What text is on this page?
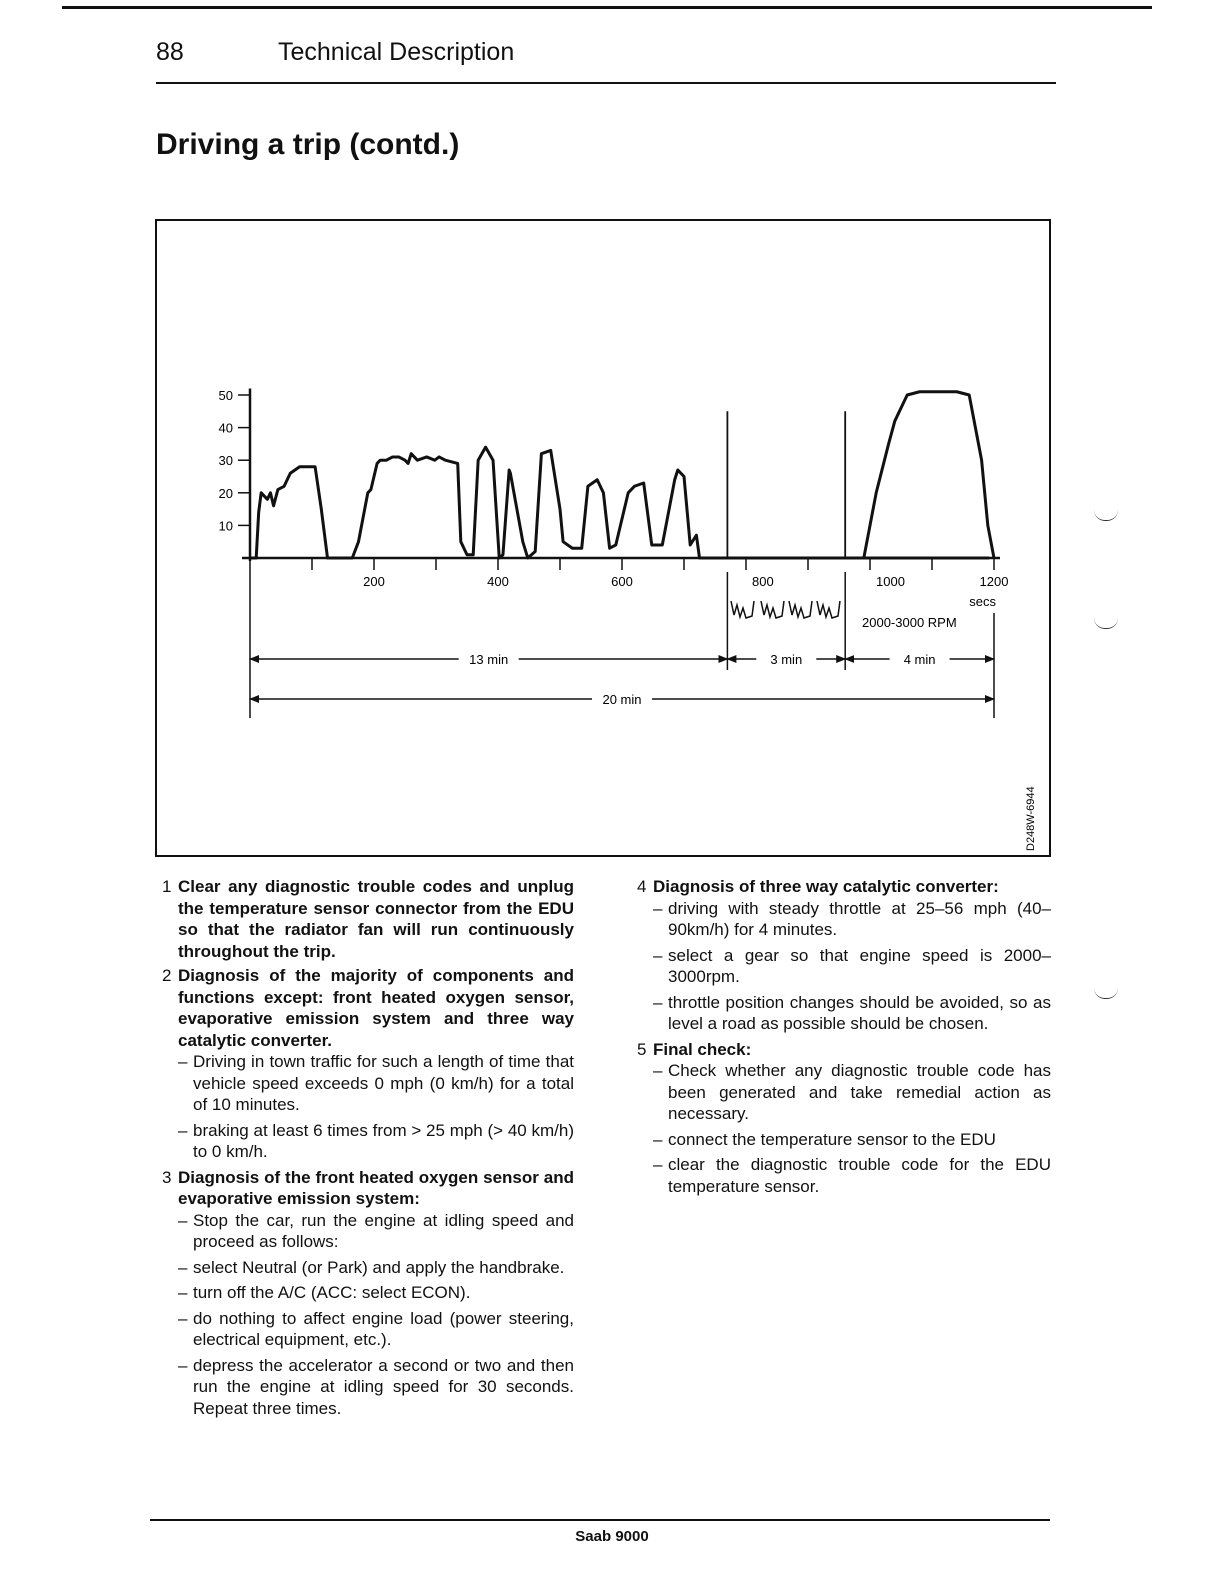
88	Technical Description
Driving a trip (contd.)
10
20
30
40
50
200	400	600	800	1000	1200
13 min	3 min	4 min
20 min
2000-3000 RPM
secs
D248W-6944
1 Clear any diagnostic trouble codes and unplug the temperature sensor connector from the EDU so that the radiator fan will run continuously throughout the trip.
2 Diagnosis of the majority of components and functions except: front heated oxygen sensor, evaporative emission system and three way catalytic converter.
– Driving in town traffic for such a length of time that vehicle speed exceeds 0 mph (0 km/h) for a total of 10 minutes.
– braking at least 6 times from > 25 mph (> 40 km/h) to 0 km/h.
3 Diagnosis of the front heated oxygen sensor and evaporative emission system:
– Stop the car, run the engine at idling speed and proceed as follows:
– select Neutral (or Park) and apply the handbrake.
– turn off the A/C (ACC: select ECON).
– do nothing to affect engine load (power steering, electrical equipment, etc.).
– depress the accelerator a second or two and then run the engine at idling speed for 30 seconds. Repeat three times.
4 Diagnosis of three way catalytic converter:
– driving with steady throttle at 25–56 mph (40–90km/h) for 4 minutes.
– select a gear so that engine speed is 2000–3000rpm.
– throttle position changes should be avoided, so as level a road as possible should be chosen.
5 Final check:
– Check whether any diagnostic trouble code has been generated and take remedial action as necessary.
– connect the temperature sensor to the EDU
– clear the diagnostic trouble code for the EDU temperature sensor.
Saab 9000
